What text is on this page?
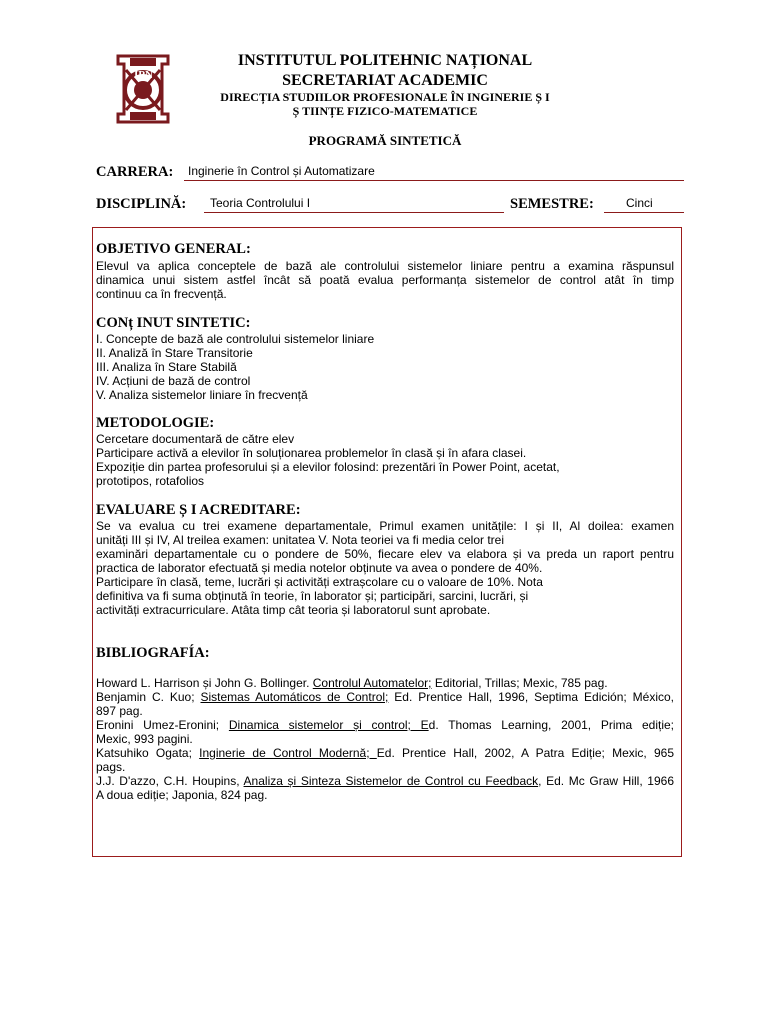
IPN
INSTITUTUL POLITEHNIC NAȚIONAL
SECRETARIAT ACADEMIC
DIRECȚIA STUDIILOR PROFESIONALE ÎN INGINERIE Ș I
Ș TIINȚE FIZICO-MATEMATICE
PROGRAMĂ SINTETICĂ
CARRERA: Inginerie în Control și Automatizare
DISCIPLINĂ: Teoria Controlului I	SEMESTRE:	Cinci
OBJETIVO GENERAL:
Elevul va aplica conceptele de bază ale controlului sistemelor liniare pentru a examina răspunsul
dinamica unui sistem astfel încât să poată evalua performanța sistemelor de control atât în timp
continuu ca în frecvență.
CONț INUT SINTETIC:
I. Concepte de bază ale controlului sistemelor liniare
II. Analiză în Stare Transitorie
III. Analiza în Stare Stabilă
IV. Acțiuni de bază de control
V. Analiza sistemelor liniare în frecvență
METODOLOGIE:
Cercetare documentară de către elev
Participare activă a elevilor în soluționarea problemelor în clasă și în afara clasei.
Expoziție din partea profesorului și a elevilor folosind: prezentări în Power Point, acetat,
prototipos, rotafolios
EVALUARE Ș I ACREDITARE:
Se va evalua cu trei examene departamentale, Primul examen unitățile: I și II, Al doilea: examen
unități III și IV, Al treilea examen: unitatea V. Nota teoriei va fi media celor trei
examinări departamentale cu o pondere de 50%, fiecare elev va elabora și va preda un raport pentru
practica de laborator efectuată și media notelor obținute va avea o pondere de 40%.
Participare în clasă, teme, lucrări și activități extrașcolare cu o valoare de 10%. Nota
definitiva va fi suma obținută în teorie, în laborator și; participări, sarcini, lucrări, și
activități extracurriculare. Atâta timp cât teoria și laboratorul sunt aprobate.
BIBLIOGRAFÍA:
Howard L. Harrison și John G. Bollinger. Controlul Automatelor; Editorial, Trillas; Mexic, 785 pag.
Benjamin C. Kuo; Sistemas Automáticos de Control; Ed. Prentice Hall, 1996, Septima Edición; México,
897 pag.
Eronini Umez-Eronini; Dinamica sistemelor și control; Ed. Thomas Learning, 2001, Prima ediție;
Mexic, 993 pagini.
Katsuhiko Ogata; Inginerie de Control Modernă; Ed. Prentice Hall, 2002, A Patra Ediție; Mexic, 965
pags.
J.J. D'azzo, C.H. Houpins, Analiza și Sinteza Sistemelor de Control cu Feedback, Ed. Mc Graw Hill, 1966
A doua ediție; Japonia, 824 pag.
